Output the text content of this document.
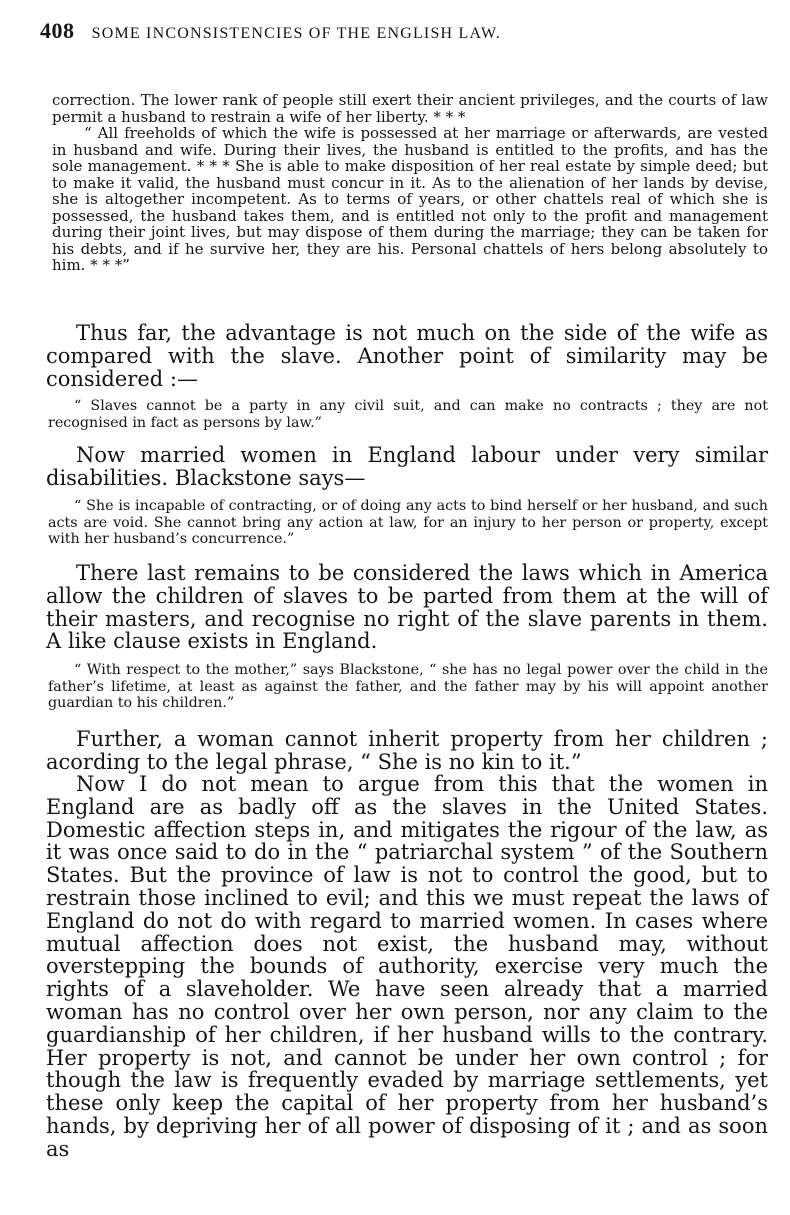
408 SOME INCONSISTENCIES OF THE ENGLISH LAW.

correction. The lower rank of people still exert their ancient privileges, and the courts of law permit a husband to restrain a wife of her liberty. * * *

“ All freeholds of which the wife is possessed at her marriage or afterwards, are vested in husband and wife. During their lives, the husband is entitled to the profits, and has the sole management. * * * She is able to make disposition of her real estate by simple deed; but to make it valid, the husband must concur in it. As to the alienation of her lands by devise, she is altogether incompetent. As to terms of years, or other chattels real of which she is possessed, the husband takes them, and is entitled not only to the profit and management during their joint lives, but may dispose of them during the marriage; they can be taken for his debts, and if he survive her, they are his. Personal chattels of hers belong absolutely to him. * * *”

Thus far, the advantage is not much on the side of the wife as compared with the slave. Another point of similarity may be considered :—

“ Slaves cannot be a party in any civil suit, and can make no contracts ; they are not recognised in fact as persons by law.”

Now married women in England labour under very similar disabilities. Blackstone says—

“ She is incapable of contracting, or of doing any acts to bind herself or her husband, and such acts are void. She cannot bring any action at law, for an injury to her person or property, except with her husband’s concurrence.”

There last remains to be considered the laws which in America allow the children of slaves to be parted from them at the will of their masters, and recognise no right of the slave parents in them. A like clause exists in England.

“ With respect to the mother,” says Blackstone, “ she has no legal power over the child in the father’s lifetime, at least as against the father, and the father may by his will appoint another guardian to his children.”

Further, a woman cannot inherit property from her children ; acording to the legal phrase, “ She is no kin to it.”

Now I do not mean to argue from this that the women in England are as badly off as the slaves in the United States. Domestic affection steps in, and mitigates the rigour of the law, as it was once said to do in the “ patriarchal system ” of the Southern States. But the province of law is not to control the good, but to restrain those inclined to evil; and this we must repeat the laws of England do not do with regard to married women. In cases where mutual affection does not exist, the husband may, without overstepping the bounds of authority, exercise very much the rights of a slaveholder. We have seen already that a married woman has no control over her own person, nor any claim to the guardianship of her children, if her husband wills to the contrary. Her property is not, and cannot be under her own control ; for though the law is frequently evaded by marriage settlements, yet these only keep the capital of her property from her husband’s hands, by depriving her of all power of disposing of it ; and as soon as
